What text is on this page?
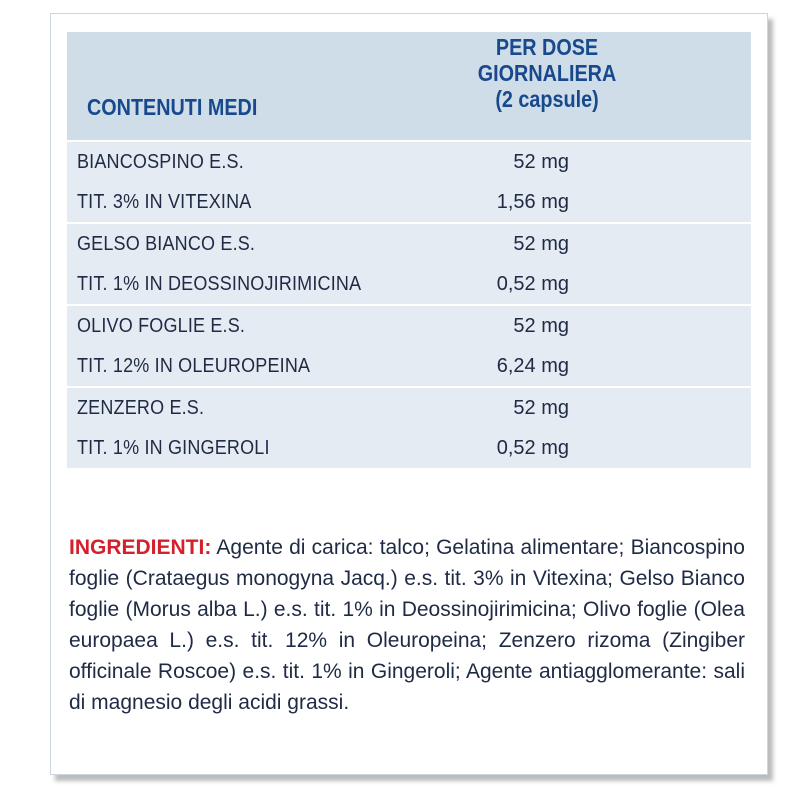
CONTENUTI MEDI
PER DOSE
GIORNALIERA
(2 capsule)
BIANCOSPINO E.S.	52 mg
TIT. 3% IN VITEXINA	1,56 mg
GELSO BIANCO E.S.	52 mg
TIT. 1% IN DEOSSINOJIRIMICINA	0,52 mg
OLIVO FOGLIE E.S.	52 mg
TIT. 12% IN OLEUROPEINA	6,24 mg
ZENZERO E.S.	52 mg
TIT. 1% IN GINGEROLI	0,52 mg

INGREDIENTI: Agente di carica: talco; Gelatina alimentare; Biancospino foglie (Crataegus monogyna Jacq.) e.s. tit. 3% in Vitexina; Gelso Bianco foglie (Morus alba L.) e.s. tit. 1% in Deossinojirimicina; Olivo foglie (Olea europaea L.) e.s. tit. 12% in Oleuropeina; Zenzero rizoma (Zingiber officinale Roscoe) e.s. tit. 1% in Gingeroli; Agente antiagglomerante: sali di magnesio degli acidi grassi.
